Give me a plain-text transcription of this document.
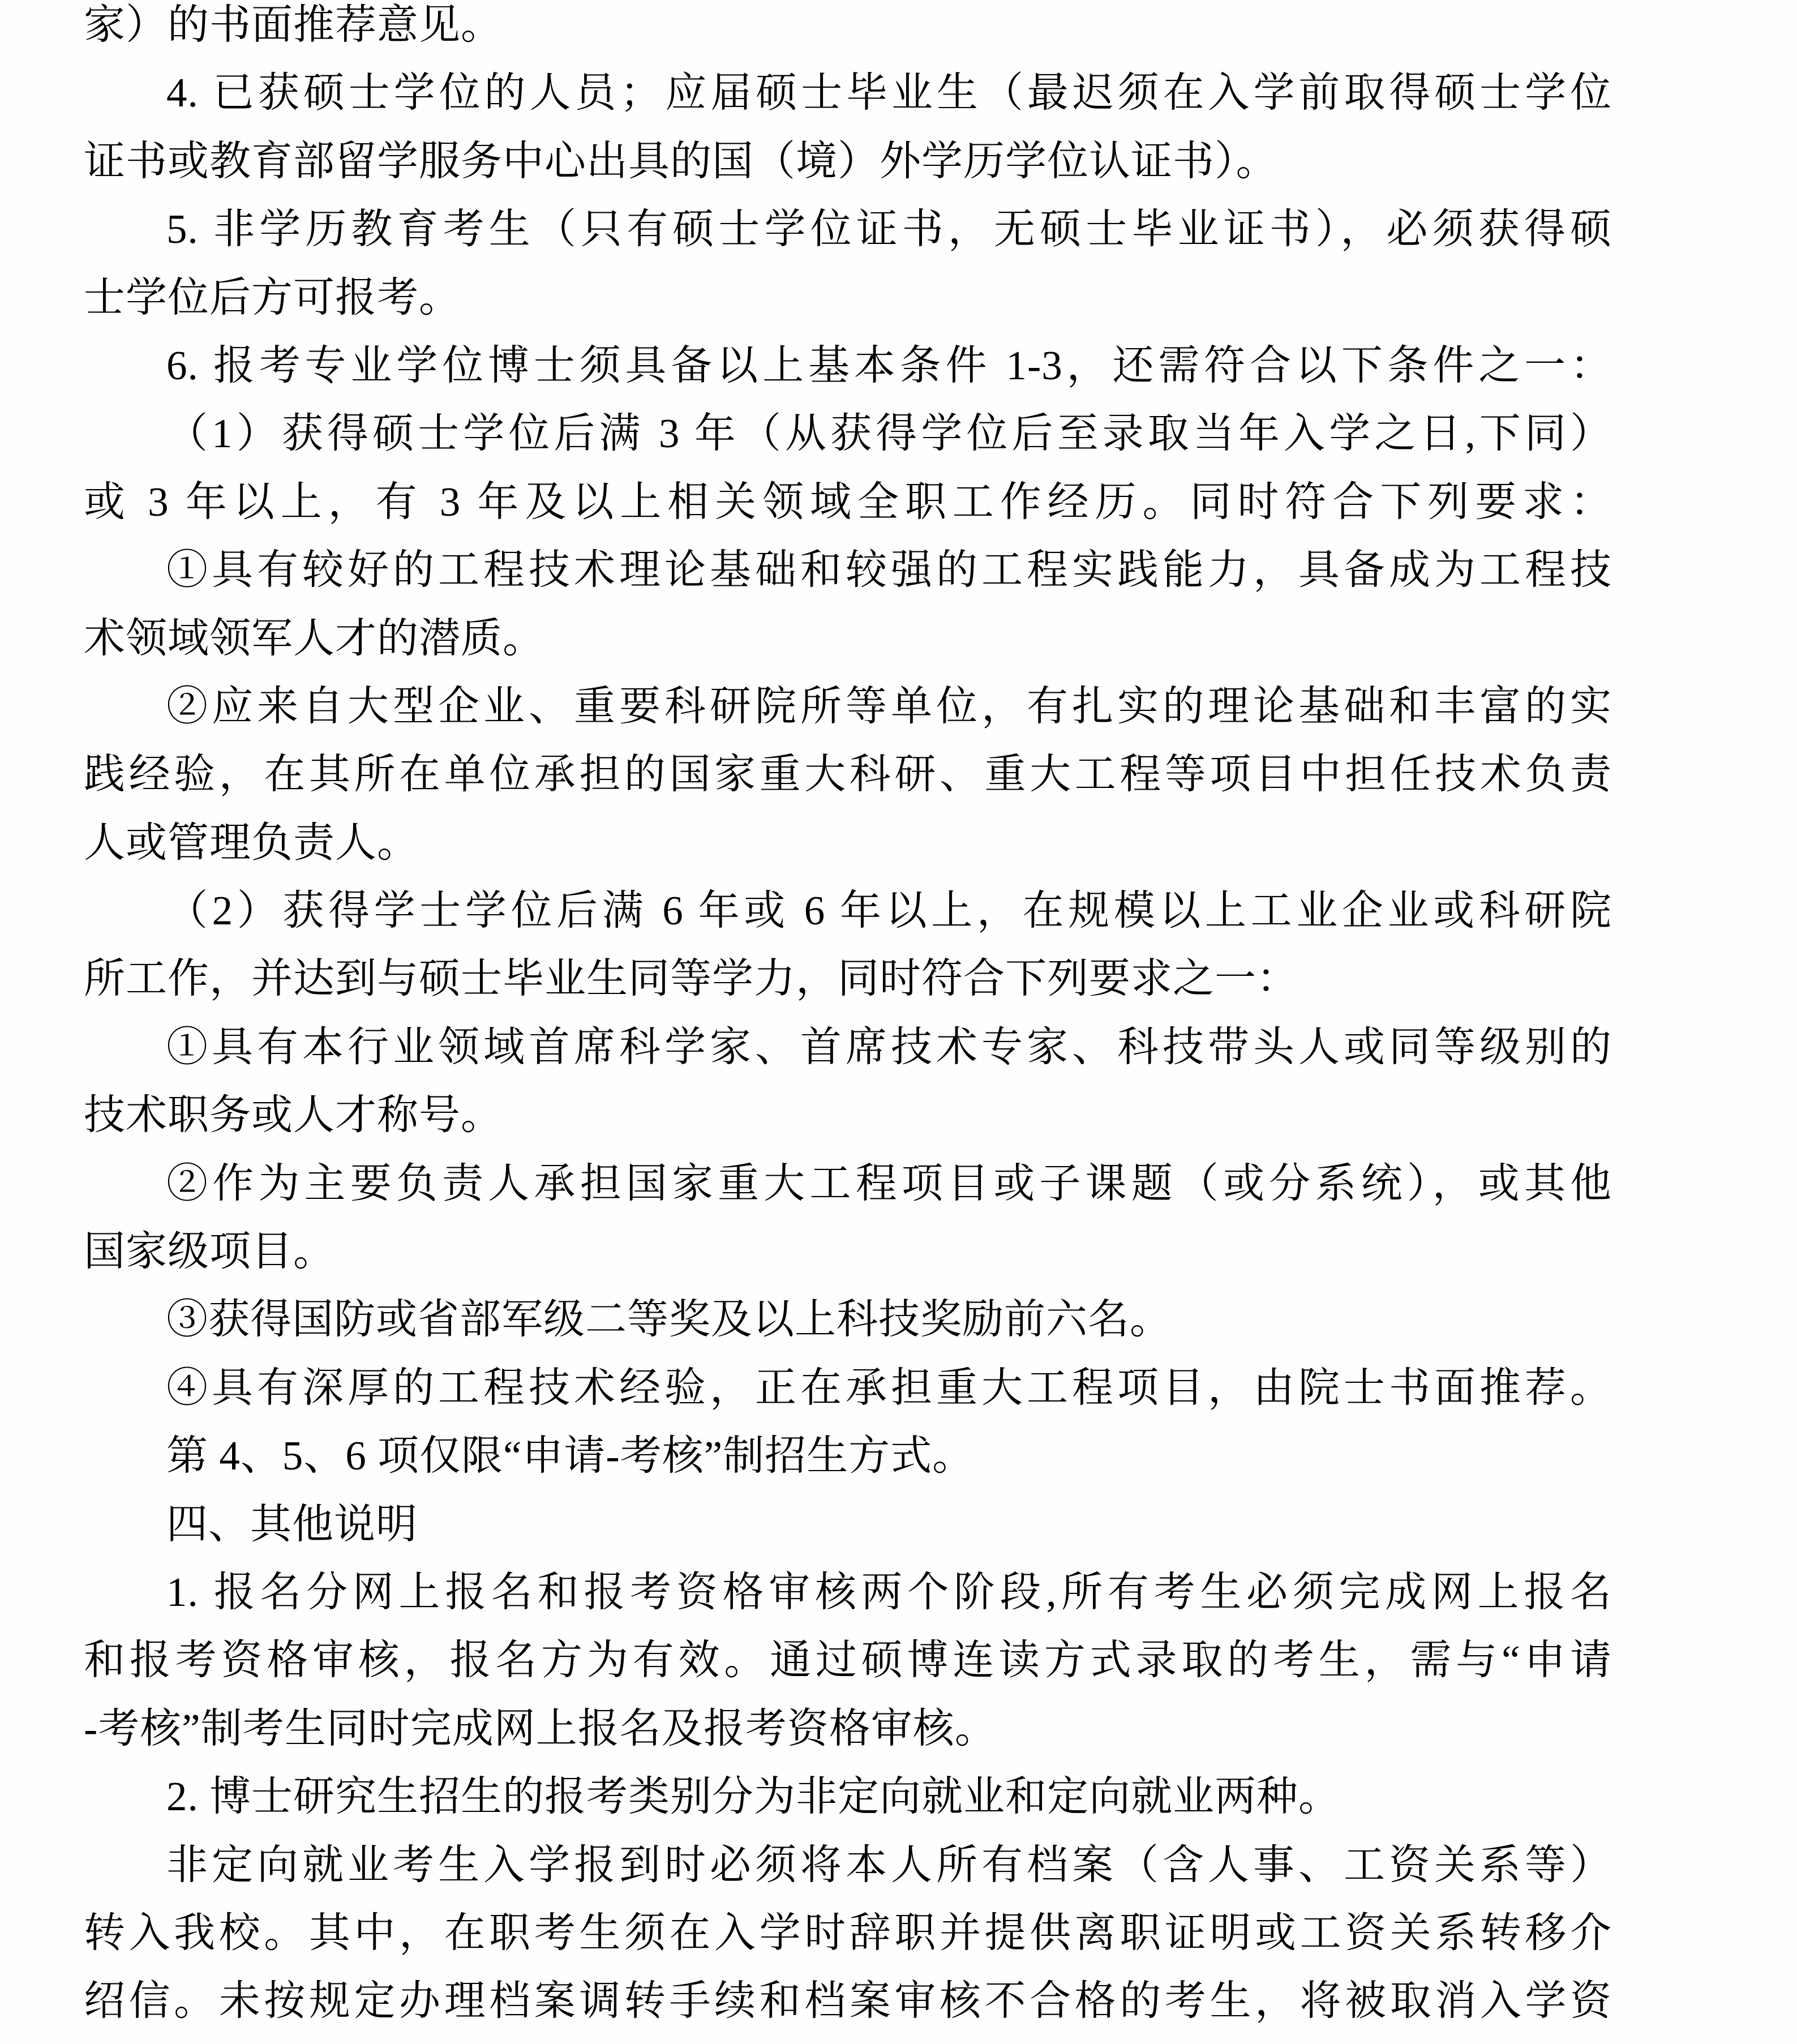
家）的书面推荐意见。
4. 已获硕士学位的人员；应届硕士毕业生（最迟须在入学前取得硕士学位
证书或教育部留学服务中心出具的国（境）外学历学位认证书）。
5. 非学历教育考生（只有硕士学位证书，无硕士毕业证书），必须获得硕
士学位后方可报考。
6. 报考专业学位博士须具备以上基本条件 1-3，还需符合以下条件之一：
（1）获得硕士学位后满 3 年（从获得学位后至录取当年入学之日,下同）
或 3 年以上，有 3 年及以上相关领域全职工作经历。同时符合下列要求：
①具有较好的工程技术理论基础和较强的工程实践能力，具备成为工程技
术领域领军人才的潜质。
②应来自大型企业、重要科研院所等单位，有扎实的理论基础和丰富的实
践经验，在其所在单位承担的国家重大科研、重大工程等项目中担任技术负责
人或管理负责人。
（2）获得学士学位后满 6 年或 6 年以上，在规模以上工业企业或科研院
所工作，并达到与硕士毕业生同等学力，同时符合下列要求之一：
①具有本行业领域首席科学家、首席技术专家、科技带头人或同等级别的
技术职务或人才称号。
②作为主要负责人承担国家重大工程项目或子课题（或分系统），或其他
国家级项目。
③获得国防或省部军级二等奖及以上科技奖励前六名。
④具有深厚的工程技术经验，正在承担重大工程项目，由院士书面推荐。
第 4、5、6 项仅限“申请-考核”制招生方式。
四、其他说明
1. 报名分网上报名和报考资格审核两个阶段,所有考生必须完成网上报名
和报考资格审核，报名方为有效。通过硕博连读方式录取的考生，需与“申请
-考核”制考生同时完成网上报名及报考资格审核。
2. 博士研究生招生的报考类别分为非定向就业和定向就业两种。
非定向就业考生入学报到时必须将本人所有档案（含人事、工资关系等）
转入我校。其中，在职考生须在入学时辞职并提供离职证明或工资关系转移介
绍信。未按规定办理档案调转手续和档案审核不合格的考生，将被取消入学资
